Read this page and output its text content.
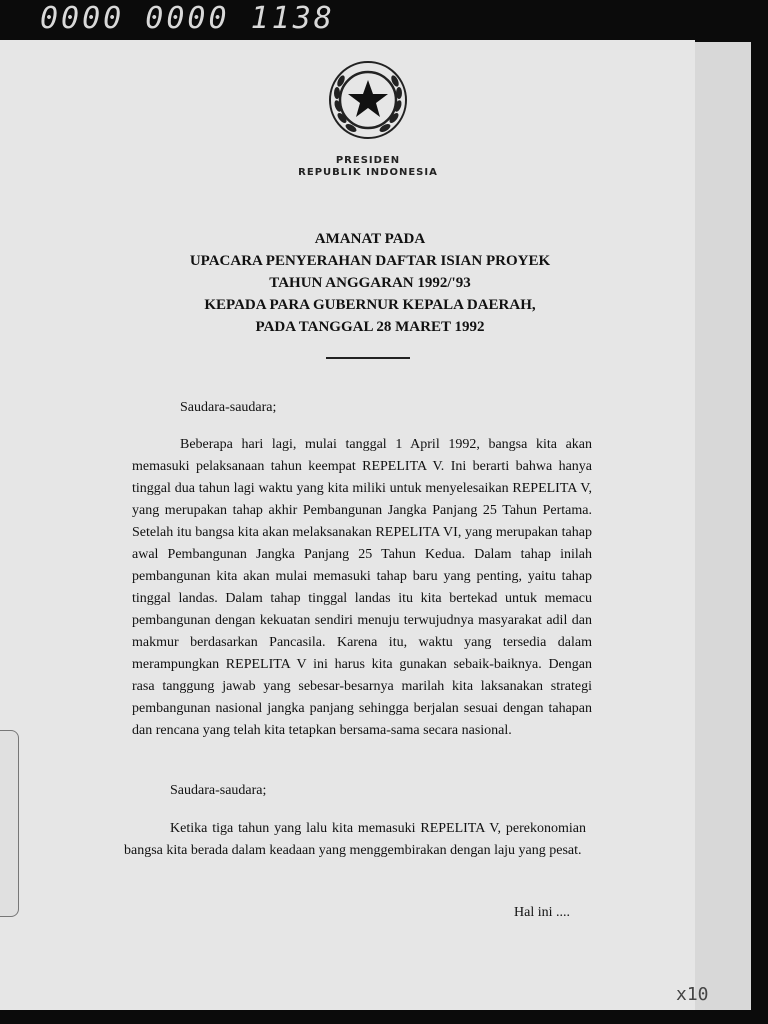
0000 0000 1138
PRESIDEN
REPUBLIK INDONESIA
AMANAT PADA
UPACARA PENYERAHAN DAFTAR ISIAN PROYEK
TAHUN ANGGARAN 1992/'93
KEPADA PARA GUBERNUR KEPALA DAERAH,
PADA TANGGAL 28 MARET 1992
Saudara-saudara;
Beberapa hari lagi, mulai tanggal 1 April 1992, bangsa kita akan memasuki pelaksanaan tahun keempat REPELITA V. Ini berarti bahwa hanya tinggal dua tahun lagi waktu yang kita miliki untuk menyelesaikan REPELITA V, yang merupakan tahap akhir Pembangunan Jangka Panjang 25 Tahun Pertama. Setelah itu bangsa kita akan melaksanakan REPELITA VI, yang merupakan tahap awal Pembangunan Jangka Panjang 25 Tahun Kedua. Dalam tahap inilah pembangunan kita akan mulai memasuki tahap baru yang penting, yaitu tahap tinggal landas. Dalam tahap tinggal landas itu kita bertekad untuk memacu pembangunan dengan kekuatan sendiri menuju terwujudnya masyarakat adil dan makmur berdasarkan Pancasila. Karena itu, waktu yang tersedia dalam merampungkan REPELITA V ini harus kita gunakan sebaik-baiknya. Dengan rasa tanggung jawab yang sebesar-besarnya marilah kita laksanakan strategi pembangunan nasional jangka panjang sehingga berjalan sesuai dengan tahapan dan rencana yang telah kita tetapkan bersama-sama secara nasional.
Saudara-saudara;
Ketika tiga tahun yang lalu kita memasuki REPELITA V, perekonomian bangsa kita berada dalam keadaan yang menggembirakan dengan laju yang pesat.
Hal ini ....
x10
